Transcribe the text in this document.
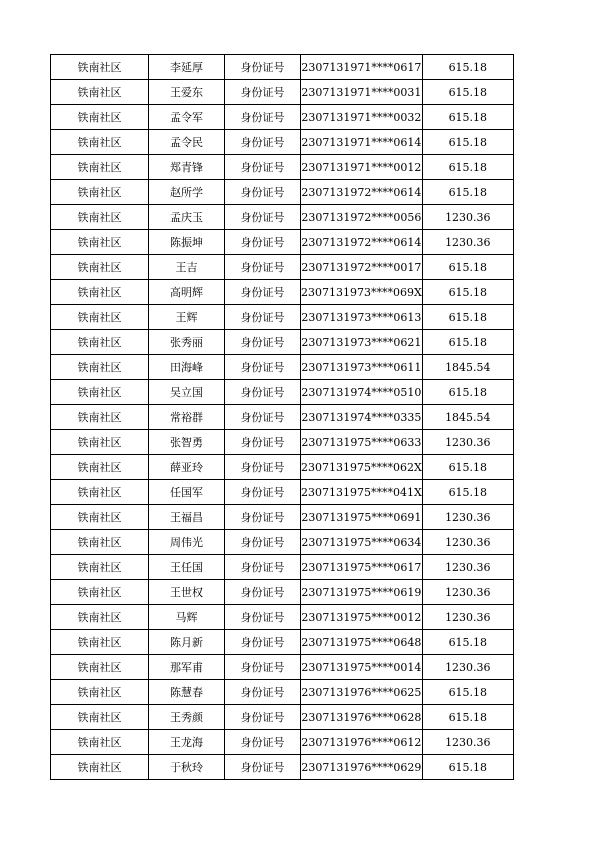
铁南社区	李延厚	身份证号	2307131971****0617	615.18
铁南社区	王爱东	身份证号	2307131971****0031	615.18
铁南社区	孟令军	身份证号	2307131971****0032	615.18
铁南社区	孟令民	身份证号	2307131971****0614	615.18
铁南社区	郑青锋	身份证号	2307131971****0012	615.18
铁南社区	赵所学	身份证号	2307131972****0614	615.18
铁南社区	孟庆玉	身份证号	2307131972****0056	1230.36
铁南社区	陈振坤	身份证号	2307131972****0614	1230.36
铁南社区	王吉	身份证号	2307131972****0017	615.18
铁南社区	高明辉	身份证号	2307131973****069X	615.18
铁南社区	王辉	身份证号	2307131973****0613	615.18
铁南社区	张秀丽	身份证号	2307131973****0621	615.18
铁南社区	田海峰	身份证号	2307131973****0611	1845.54
铁南社区	吴立国	身份证号	2307131974****0510	615.18
铁南社区	常裕群	身份证号	2307131974****0335	1845.54
铁南社区	张智勇	身份证号	2307131975****0633	1230.36
铁南社区	薛亚玲	身份证号	2307131975****062X	615.18
铁南社区	任国军	身份证号	2307131975****041X	615.18
铁南社区	王福昌	身份证号	2307131975****0691	1230.36
铁南社区	周伟光	身份证号	2307131975****0634	1230.36
铁南社区	王任国	身份证号	2307131975****0617	1230.36
铁南社区	王世权	身份证号	2307131975****0619	1230.36
铁南社区	马辉	身份证号	2307131975****0012	1230.36
铁南社区	陈月新	身份证号	2307131975****0648	615.18
铁南社区	那军甫	身份证号	2307131975****0014	1230.36
铁南社区	陈慧春	身份证号	2307131976****0625	615.18
铁南社区	王秀颜	身份证号	2307131976****0628	615.18
铁南社区	王龙海	身份证号	2307131976****0612	1230.36
铁南社区	于秋玲	身份证号	2307131976****0629	615.18
